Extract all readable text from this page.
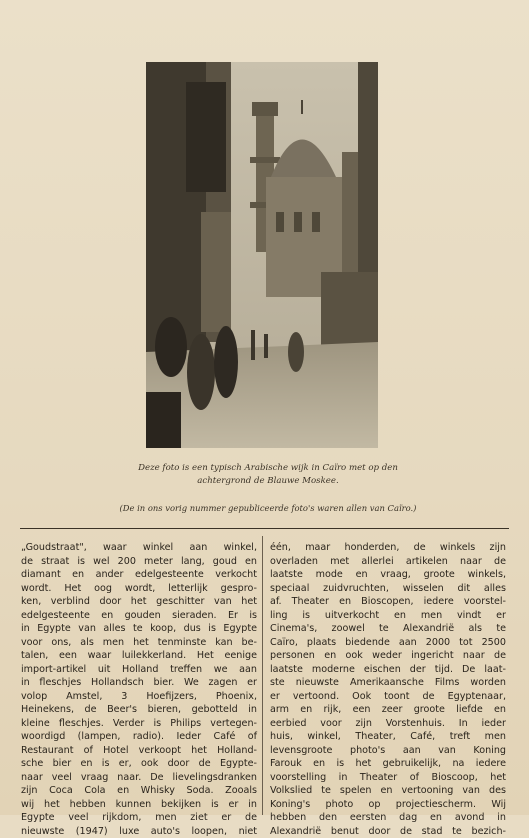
Deze foto is een typisch Arabische wijk in Caïro met op den
achtergrond de Blauwe Moskee.
(De in ons vorig nummer gepubliceerde foto's waren allen van Caïro.)
„Goudstraat", waar winkel aan winkel,
de straat is wel 200 meter lang, goud en
diamant en ander edelgesteente verkocht
wordt. Het oog wordt, letterlijk gespro-
ken, verblind door het geschitter van het
edelgesteente en gouden sieraden. Er is
in Egypte van alles te koop, dus is Egypte
voor ons, als men het tenminste kan be-
talen, een waar luilekkerland. Het eenige
import-artikel uit Holland treffen we aan
in fleschjes Hollandsch bier. We zagen er
volop Amstel, 3 Hoefijzers, Phoenix,
Heinekens, de Beer's bieren, gebotteld in
kleine fleschjes. Verder is Philips vertegen-
woordigd (lampen, radio). Ieder Café of
Restaurant of Hotel verkoopt het Holland-
sche bier en is er, ook door de Egypte-
naar veel vraag naar. De lievelingsdranken
zijn Coca Cola en Whisky Soda. Zooals
wij het hebben kunnen bekijken is er in
Egypte veel rijkdom, men ziet er de
nieuwste (1947) luxe auto's loopen, niet
één, maar honderden, de winkels zijn
overladen met allerlei artikelen naar de
laatste mode en vraag, groote winkels,
speciaal zuidvruchten, wisselen dit alles
af. Theater en Bioscopen, iedere voorstel-
ling is uitverkocht en men vindt er
Cinema's, zoowel te Alexandrië als te
Caïro, plaats biedende aan 2000 tot 2500
personen en ook weder ingericht naar de
laatste moderne eischen der tijd. De laat-
ste nieuwste Amerikaansche Films worden
er vertoond. Ook toont de Egyptenaar,
arm en rijk, een zeer groote liefde en
eerbied voor zijn Vorstenhuis. In ieder
huis, winkel, Theater, Café, treft men
levensgroote photo's aan van Koning
Farouk en is het gebruikelijk, na iedere
voorstelling in Theater of Bioscoop, het
Volkslied te spelen en vertooning van des
Koning's photo op projectiescherm. Wij
hebben den eersten dag en avond in
Alexandrië benut door de stad te bezich-
